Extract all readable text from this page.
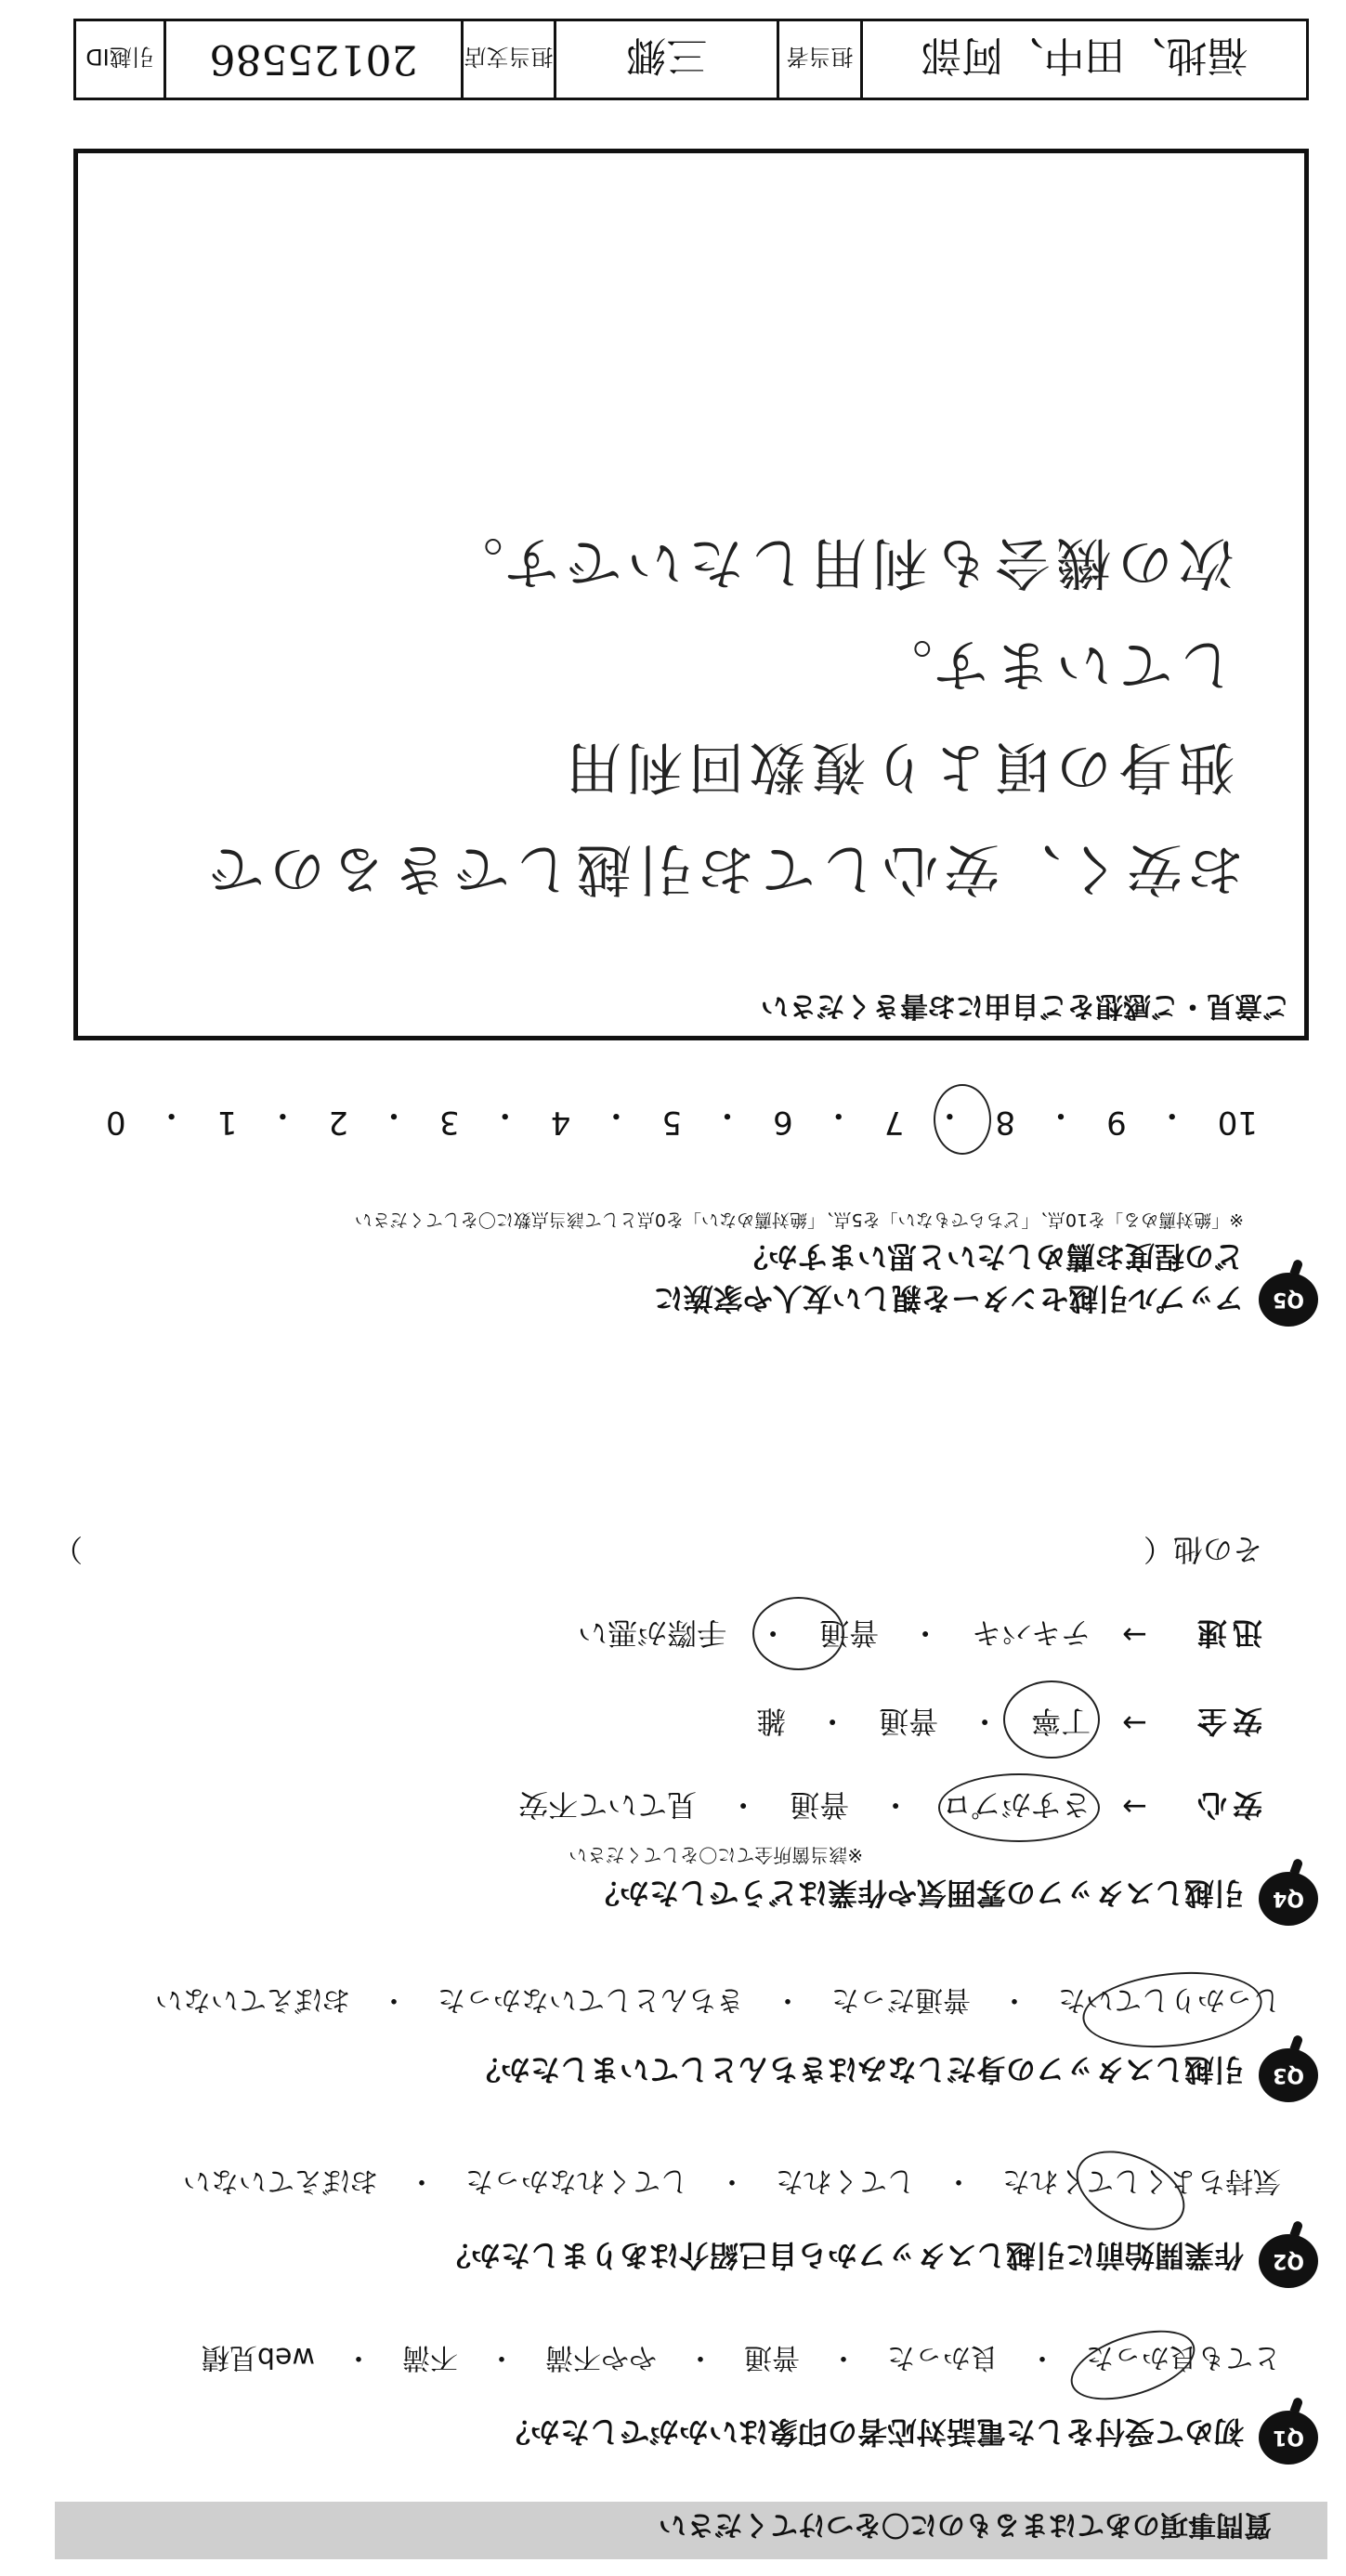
質問事項のあてはまるものに〇をつけてください
Q1
初めて受付をした電話対応者の印象はいかがでしたか？
とても良かった
・
良かった
・
普通
・
やや不満
・
不満
・
web見積
Q2
作業開始前に引越しスタッフから自己紹介はありましたか？
気持ちよくしてくれた
・
してくれた
・
してくれなかった
・
おぼえていない
Q3
引越しスタッフの身だしなみはきちんとしていましたか？
しっかりしていた
・
普通だった
・
きちんとしていなかった
・
おぼえていない
Q4
引越しスタッフの雰囲気や作業はどうでしたか？
※該当箇所全てに〇をしてください
安心
→
さすがプロ
・
普通
・
見ていて不安
安全
→
丁寧
・
普通
・
雑
迅速
→
テキパキ
・
普通
・
手際が悪い
その他（
）
Q5
アップル引越センターを親しい友人や家族に
どの程度お薦めしたいと思いますか？
※「絶対薦める」を10点、「どちらでもない」を5点、「絶対薦めない」を0点として該当点数に〇をしてください
10
・
9
・
8
・
7
・
6
・
5
・
4
・
3
・
2
・
1
・
0
ご意見・ご感想をご自由にお書きください
お安く、安心してお引越しできるので
独身の頃より複数回利用
しています。
次の機会も利用したいです。
福地、田中、阿部
担当者
三郷
担当支店
20125586
引越ID
